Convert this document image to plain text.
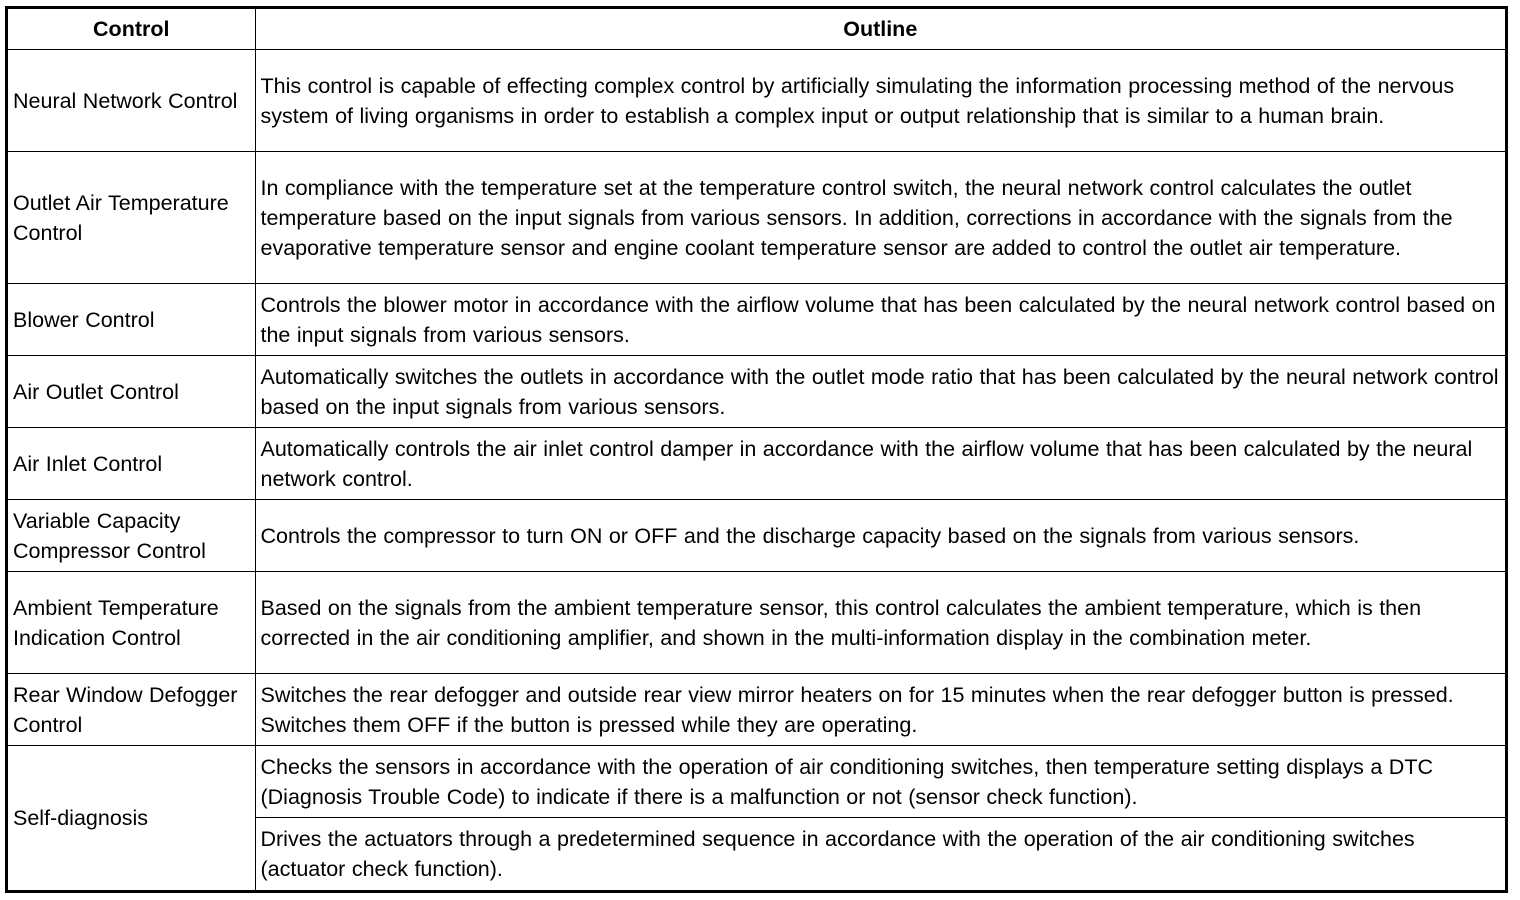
Control	Outline
Neural Network Control	This control is capable of effecting complex control by artificially simulating the information processing method of the nervous system of living organisms in order to establish a complex input or output relationship that is similar to a human brain.
Outlet Air Temperature Control	In compliance with the temperature set at the temperature control switch, the neural network control calculates the outlet temperature based on the input signals from various sensors. In addition, corrections in accordance with the signals from the evaporative temperature sensor and engine coolant temperature sensor are added to control the outlet air temperature.
Blower Control	Controls the blower motor in accordance with the airflow volume that has been calculated by the neural network control based on the input signals from various sensors.
Air Outlet Control	Automatically switches the outlets in accordance with the outlet mode ratio that has been calculated by the neural network control based on the input signals from various sensors.
Air Inlet Control	Automatically controls the air inlet control damper in accordance with the airflow volume that has been calculated by the neural network control.
Variable Capacity Compressor Control	Controls the compressor to turn ON or OFF and the discharge capacity based on the signals from various sensors.
Ambient Temperature Indication Control	Based on the signals from the ambient temperature sensor, this control calculates the ambient temperature, which is then corrected in the air conditioning amplifier, and shown in the multi-information display in the combination meter.
Rear Window Defogger Control	Switches the rear defogger and outside rear view mirror heaters on for 15 minutes when the rear defogger button is pressed. Switches them OFF if the button is pressed while they are operating.
Self-diagnosis	Checks the sensors in accordance with the operation of air conditioning switches, then temperature setting displays a DTC (Diagnosis Trouble Code) to indicate if there is a malfunction or not (sensor check function).
	Drives the actuators through a predetermined sequence in accordance with the operation of the air conditioning switches (actuator check function).
